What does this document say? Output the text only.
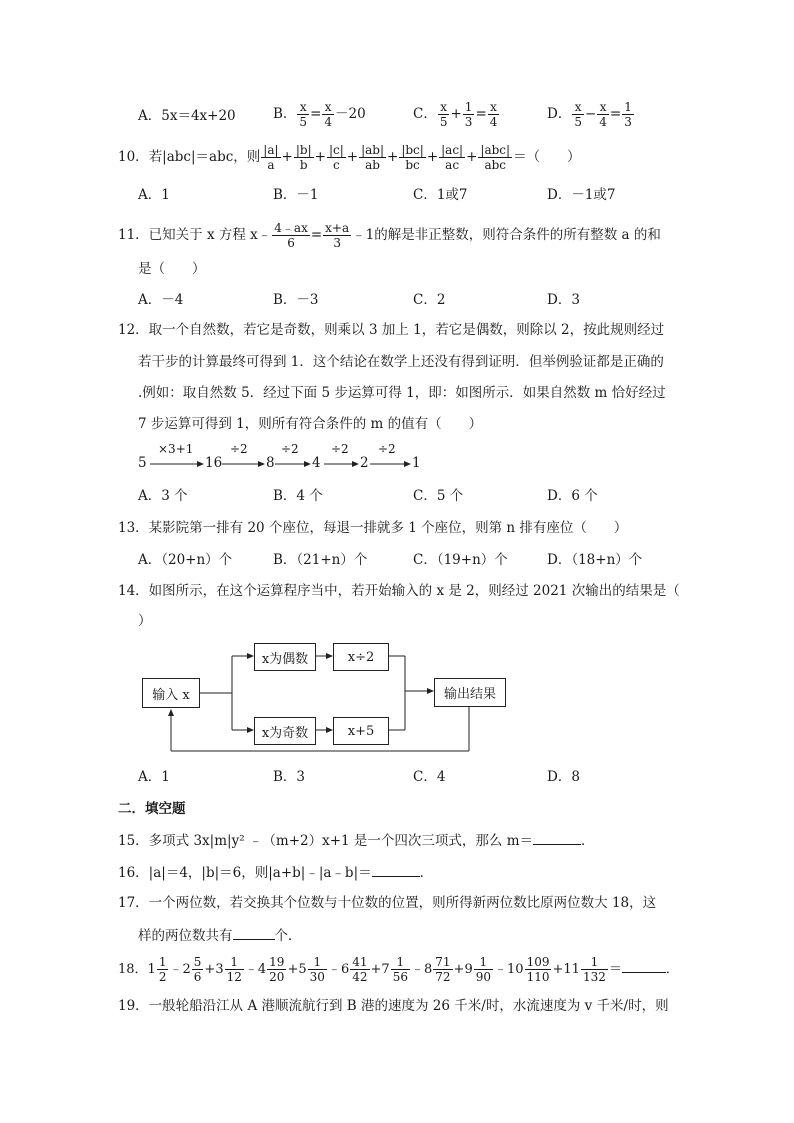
A．5x＝4x+20	B． $\frac{x}{5} = \frac{x}{4} -20$	C． $\frac{x}{5} + \frac{1}{3} = \frac{x}{4}$	D． $\frac{x}{5} - \frac{x}{4} = \frac{1}{3}$
10．若|abc|＝abc，则 $\frac{|a|}{a} + \frac{|b|}{b} + \frac{|c|}{c} + \frac{|ab|}{ab} + \frac{|bc|}{bc} + \frac{|ac|}{ac} + \frac{\text{|abc|}}{\text{abc}}$ ＝（　　）
A．1	B．－1	C．1或7	D．－1或7
11．已知关于 x 方程 x﹣ $\frac{4﹣ax}{6} = \frac{x+a}{3}$ ﹣1的解是非正整数，则符合条件的所有整数 a 的和
是（　　）
A．－4	B．－3	C．2	D．3
12．取一个自然数，若它是奇数，则乘以 3 加上 1，若它是偶数，则除以 2，按此规则经过
若干步的计算最终可得到 1．这个结论在数学上还没有得到证明．但举例验证都是正确的
.例如：取自然数 5．经过下面 5 步运算可得 1，即：如图所示．如果自然数 m 恰好经过
7 步运算可得到 1，则所有符合条件的 m 的值有（　　）
5
×3+1
16
÷2
8
÷2
4
÷2
2
÷2
1
A．3 个	B．4 个	C．5 个	D．6 个
13．某影院第一排有 20 个座位，每退一排就多 1 个座位，则第 n 排有座位（　　）
A．（20+n）个	B．（21+n）个	C．（19+n）个	D．（18+n）个
14．如图所示，在这个运算程序当中，若开始输入的 x 是 2，则经过 2021 次输出的结果是（
）
输入 x
x为偶数	x÷2
x为奇数	x+5
输出结果
A．1	B．3	C．4	D．8
二．填空题
15．多项式 3x|m|y² ﹣（m+2）x+1 是一个四次三项式，那么 m＝	．
16．|a|＝4，|b|＝6，则|a+b|﹣|a﹣b|＝	．
17．一个两位数，若交换其个位数与十位数的位置，则所得新两位数比原两位数大 18，这
样的两位数共有	个．
18．$1 \frac{1}{2}$ ﹣2 $\frac{5}{6} +3 \frac{1}{12}$ ﹣4 $\frac{19}{20} +5 \frac{1}{30}$ ﹣6 $\frac{41}{42} +7 \frac{1}{56}$ ﹣8 $\frac{71}{72} +9 \frac{1}{90}$ ﹣10 $\frac{109}{110} +11 \frac{1}{132}$ ＝	．
19．一般轮船沿江从 A 港顺流航行到 B 港的速度为 26 千米/时，水流速度为 v 千米/时，则
